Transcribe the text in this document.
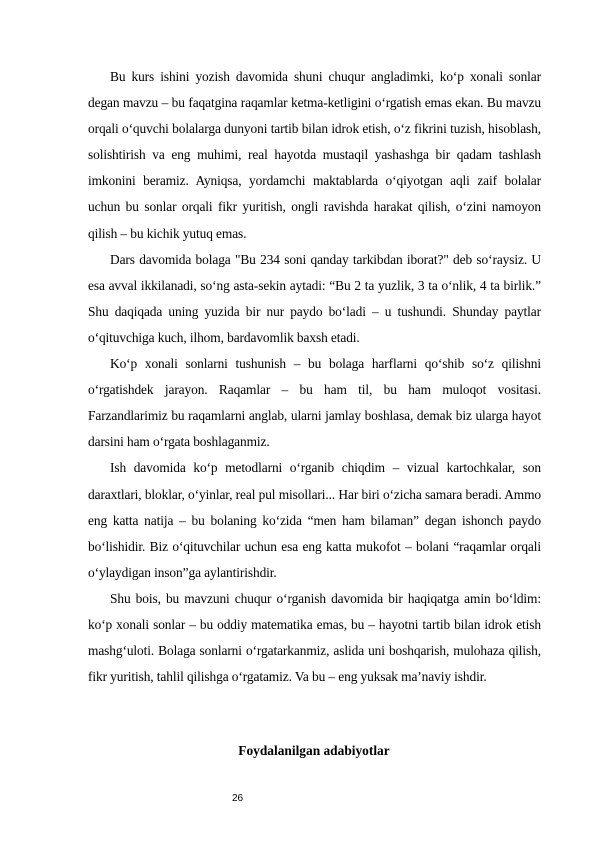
Bu kurs ishini yozish davomida shuni chuqur angladimki, ko‘p xonali sonlar degan mavzu – bu faqatgina raqamlar ketma-ketligini o‘rgatish emas ekan. Bu mavzu orqali o‘quvchi bolalarga dunyoni tartib bilan idrok etish, o‘z fikrini tuzish, hisoblash, solishtirish va eng muhimi, real hayotda mustaqil yashashga bir qadam tashlash imkonini beramiz. Ayniqsa, yordamchi maktablarda o‘qiyotgan aqli zaif bolalar uchun bu sonlar orqali fikr yuritish, ongli ravishda harakat qilish, o‘zini namoyon qilish – bu kichik yutuq emas.

Dars davomida bolaga "Bu 234 soni qanday tarkibdan iborat?" deb so‘raysiz. U esa avval ikkilanadi, so‘ng asta-sekin aytadi: “Bu 2 ta yuzlik, 3 ta o‘nlik, 4 ta birlik.” Shu daqiqada uning yuzida bir nur paydo bo‘ladi – u tushundi. Shunday paytlar o‘qituvchiga kuch, ilhom, bardavomlik baxsh etadi.

Ko‘p xonali sonlarni tushunish – bu bolaga harflarni qo‘shib so‘z qilishni o‘rgatishdek jarayon. Raqamlar – bu ham til, bu ham muloqot vositasi. Farzandlarimiz bu raqamlarni anglab, ularni jamlay boshlasa, demak biz ularga hayot darsini ham o‘rgata boshlaganmiz.

Ish davomida ko‘p metodlarni o‘rganib chiqdim – vizual kartochkalar, son daraxtlari, bloklar, o‘yinlar, real pul misollari... Har biri o‘zicha samara beradi. Ammo eng katta natija – bu bolaning ko‘zida “men ham bilaman” degan ishonch paydo bo‘lishidir. Biz o‘qituvchilar uchun esa eng katta mukofot – bolani “raqamlar orqali o‘ylaydigan inson”ga aylantirishdir.

Shu bois, bu mavzuni chuqur o‘rganish davomida bir haqiqatga amin bo‘ldim: ko‘p xonali sonlar – bu oddiy matematika emas, bu – hayotni tartib bilan idrok etish mashg‘uloti. Bolaga sonlarni o‘rgatarkanmiz, aslida uni boshqarish, mulohaza qilish, fikr yuritish, tahlil qilishga o‘rgatamiz. Va bu – eng yuksak ma’naviy ishdir.

Foydalanilgan adabiyotlar
26
